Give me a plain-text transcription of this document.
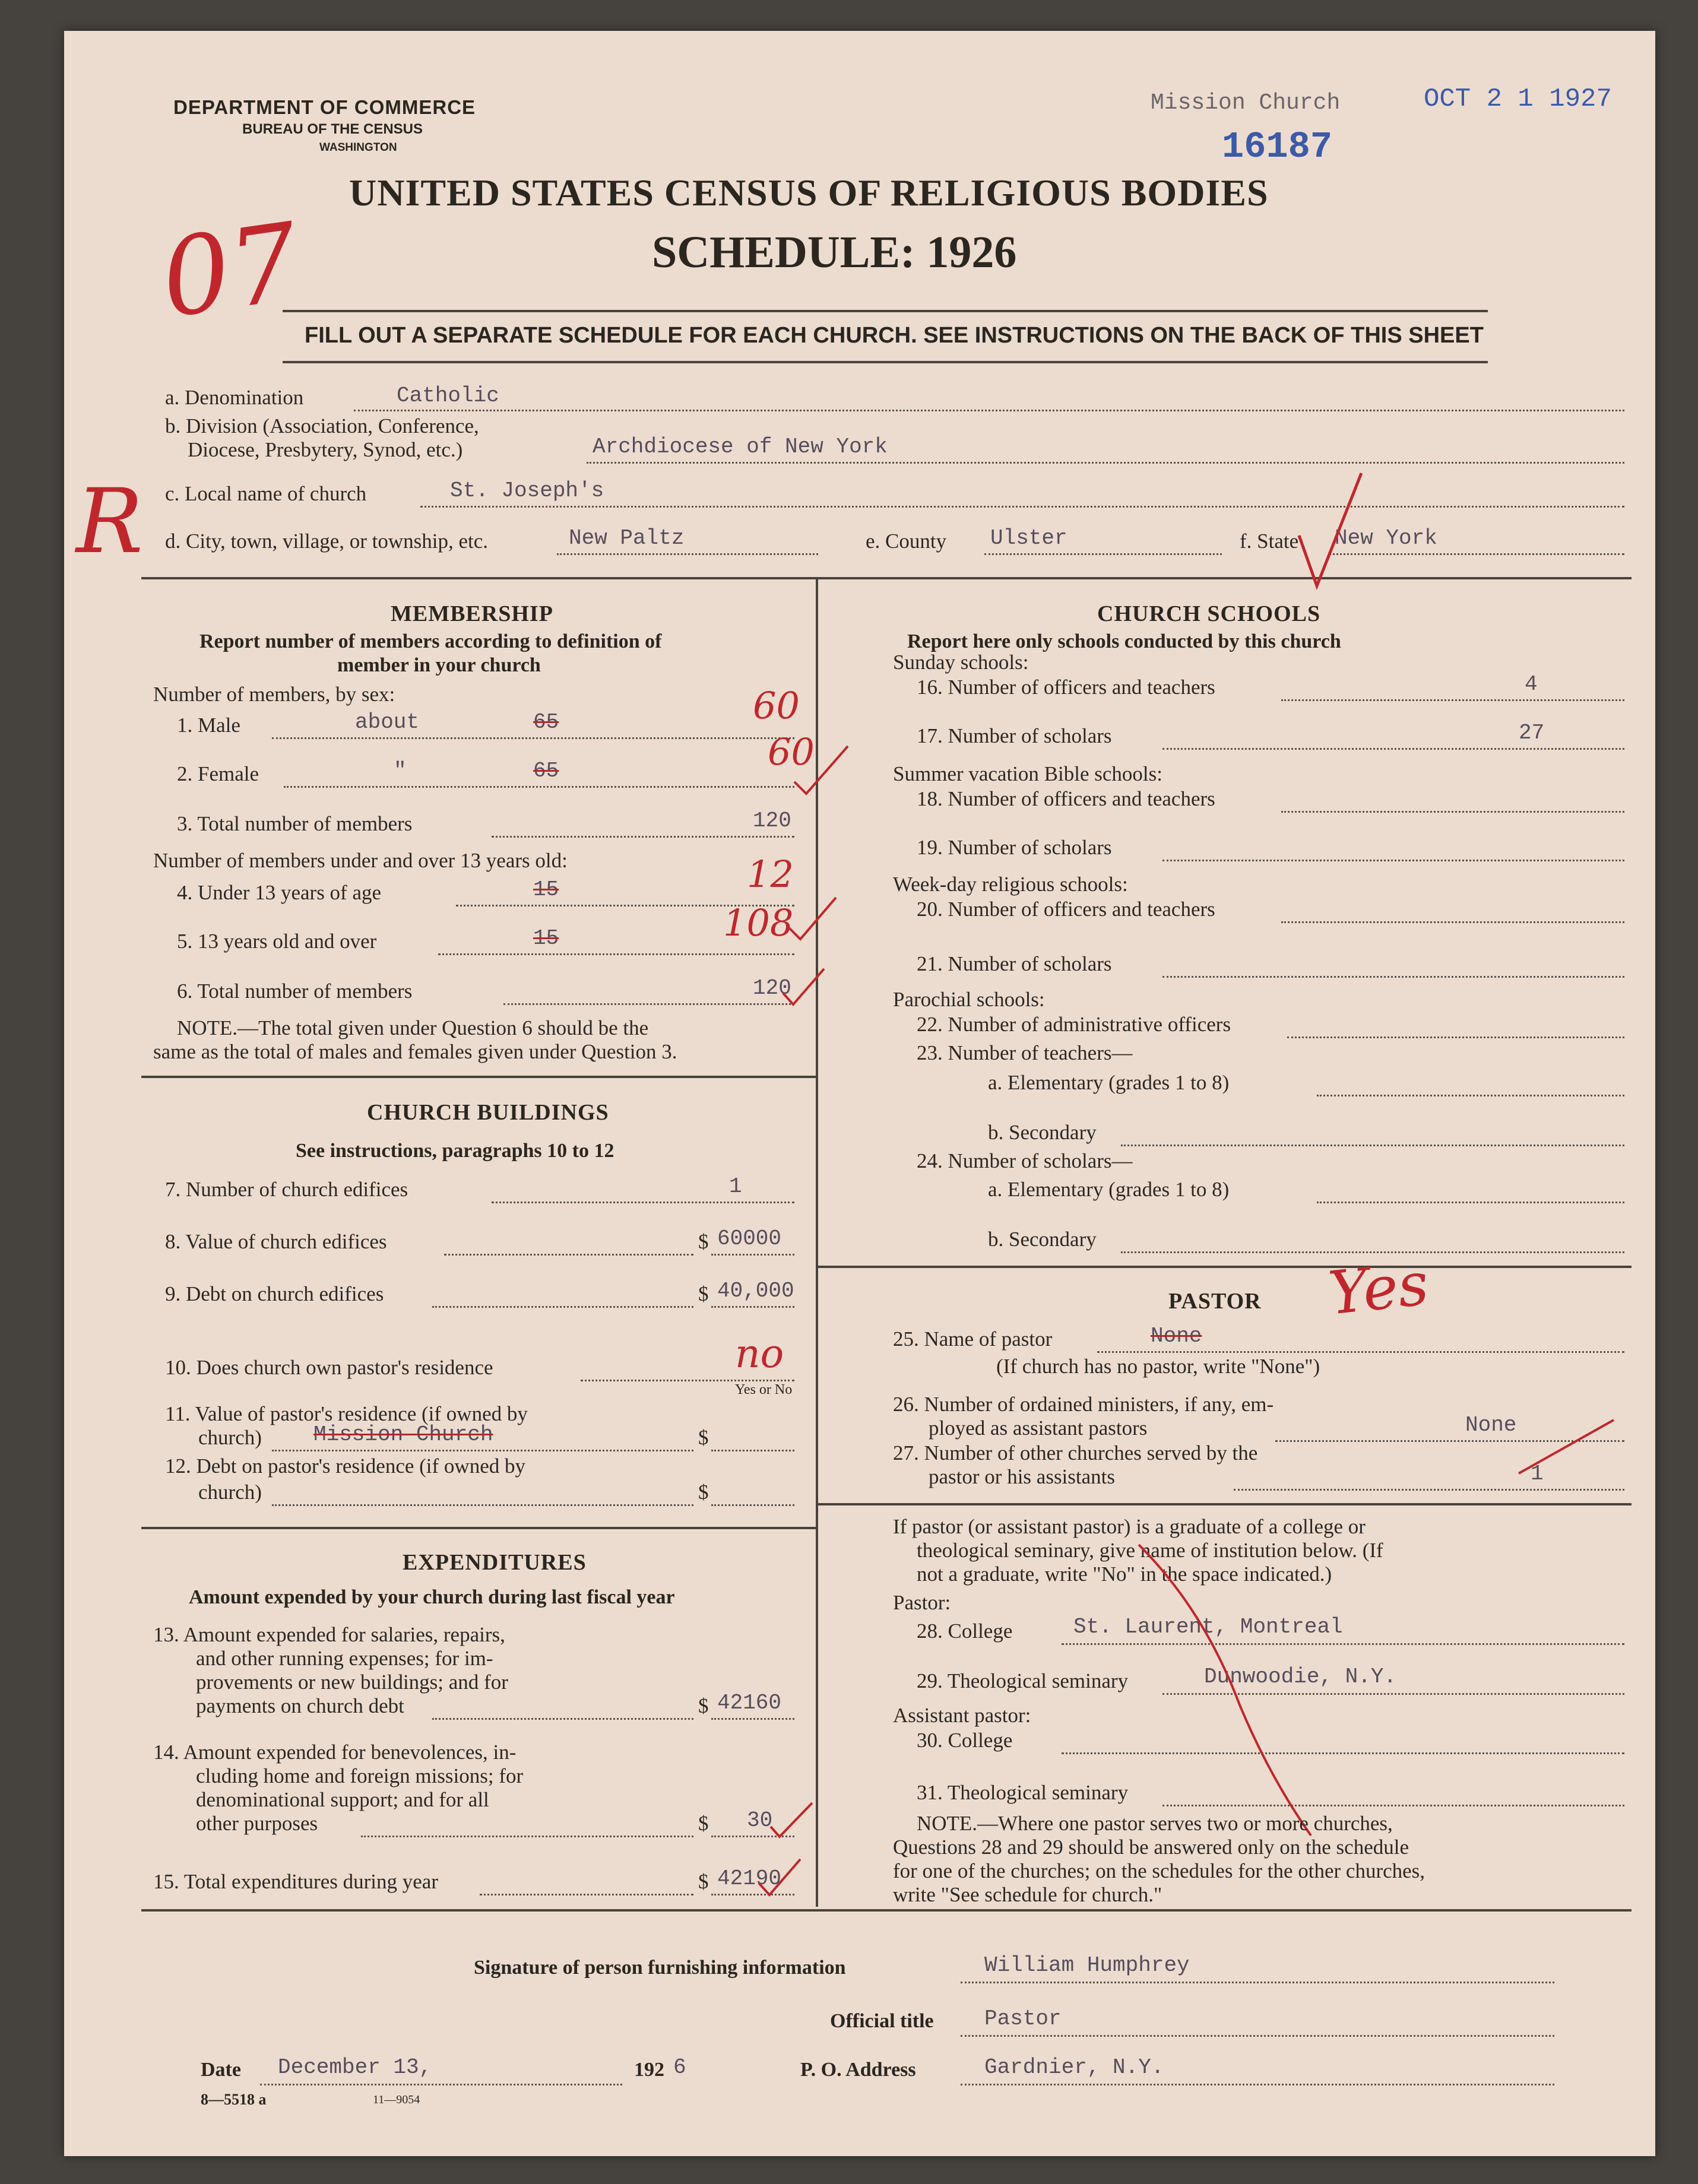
DEPARTMENT OF COMMERCE
BUREAU OF THE CENSUS
WASHINGTON
UNITED STATES CENSUS OF RELIGIOUS BODIES
SCHEDULE: 1926
Mission Church	OCT 2 1 1927
16187
07
FILL OUT A SEPARATE SCHEDULE FOR EACH CHURCH. SEE INSTRUCTIONS ON THE BACK OF THIS SHEET
a. Denomination	Catholic
b. Division (Association, Conference,
Diocese, Presbytery, Synod, etc.)	Archdiocese of New York
R c. Local name of church	St. Joseph's
d. City, town, village, or township, etc.	New Paltz	e. County Ulster	f. State New York
MEMBERSHIP
Report number of members according to definition of
member in your church
Number of members, by sex:
1. Male	about	65	60
2. Female	"	65	60
3. Total number of members	120
Number of members under and over 13 years old:
4. Under 13 years of age	15	12
5. 13 years old and over	15	108
6. Total number of members	120
NOTE.—The total given under Question 6 should be the
same as the total of males and females given under Question 3.
CHURCH BUILDINGS
See instructions, paragraphs 10 to 12
7. Number of church edifices	1
8. Value of church edifices	$ 60000
9. Debt on church edifices	$ 40,000
10. Does church own pastor's residence	no
Yes or No
11. Value of pastor's residence (if owned by
church) Mission Church	$
12. Debt on pastor's residence (if owned by
church)	$
EXPENDITURES
Amount expended by your church during last fiscal year
13. Amount expended for salaries, repairs,
and other running expenses; for im-
provements or new buildings; and for
payments on church debt	$ 42160
14. Amount expended for benevolences, in-
cluding home and foreign missions; for
denominational support; and for all
other purposes	$ 30
15. Total expenditures during year	$ 42190
CHURCH SCHOOLS
Report here only schools conducted by this church
Sunday schools:
16. Number of officers and teachers	4
17. Number of scholars	27
Summer vacation Bible schools:
18. Number of officers and teachers
19. Number of scholars
Week-day religious schools:
20. Number of officers and teachers
21. Number of scholars
Parochial schools:
22. Number of administrative officers
23. Number of teachers—
a. Elementary (grades 1 to 8)
b. Secondary
24. Number of scholars—
a. Elementary (grades 1 to 8)
b. Secondary
PASTOR Yes
25. Name of pastor	None
(If church has no pastor, write "None")
26. Number of ordained ministers, if any, em-
ployed as assistant pastors	None
27. Number of other churches served by the
pastor or his assistants	1
If pastor (or assistant pastor) is a graduate of a college or
theological seminary, give name of institution below. (If
not a graduate, write "No" in the space indicated.)
Pastor:
28. College	St. Laurent, Montreal
29. Theological seminary	Dunwoodie, N.Y.
Assistant pastor:
30. College
31. Theological seminary
NOTE.—Where one pastor serves two or more churches,
Questions 28 and 29 should be answered only on the schedule
for one of the churches; on the schedules for the other churches,
write "See schedule for church."
Signature of person furnishing information	William Humphrey
Official title Pastor
Date December 13,	192 6	P. O. Address	Gardnier, N.Y.
8—5518 a	11—9054
